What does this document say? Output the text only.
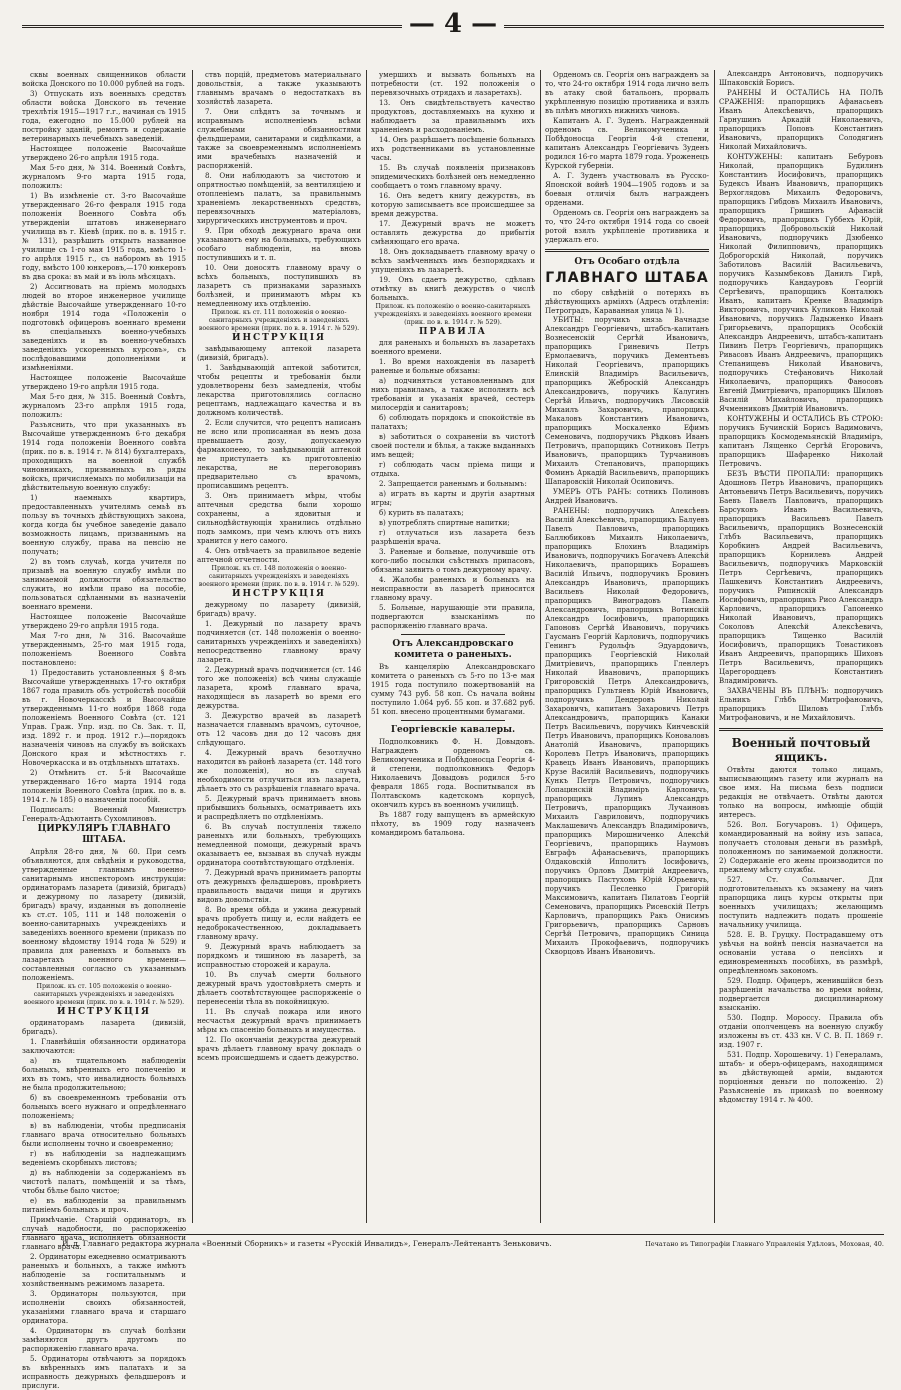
— 4 —

сквы военных священников области войска Донского по 10.000 рублей на годъ.

3) Отпускать изъ военныхъ средствъ области войска Донского въ течение трехлѣтія 1915—1917 г.г., начиная съ 1915 года, ежегодно по 15.000 рублей на постройку зданій, ремонтъ и содержаніе ветеринарныхъ лечебныхъ заведеній.

Настоящее положеніе Высочайше утверждено 26-го апрѣля 1915 года.

Мая 5-го дня, № 314. Военный Совѣтъ, журналомъ 9-го марта 1915 года, положилъ:

1) Въ измѣненіе ст. 3-го Высочайше утвержденнаго 26-го февраля 1915 года положенія Военного Совѣта объ утвержденіи штатовъ инженернаго училища въ г. Кіевѣ (прик. по в. в. 1915 г. № 131), разрѣшить открыть названное училище съ 1-го мая 1915 года, вмѣсто 1-го апрѣля 1915 г., съ наборомъ въ 1915 году, вмѣсто 100 юнкеровъ,—170 юнкеровъ въ два срока: въ май и въ іюль мѣсяцахъ.

2) Ассигновать на прiемъ молодыхъ людей во второе инженерное училище дѣйствіе Высочайше утвержденнаго 10-го ноября 1914 года «Положенія о подготовкѣ офицеровъ военнаго времени въ спеціальныхъ военно-учебныхъ заведеніяхъ и въ военно-учебныхъ заведеніяхъ ускоренныхъ курсовъ», съ послѣдовавшими дополненіями и измѣненіями.

Настоящее положеніе Высочайше утверждено 19-го апрѣля 1915 года.

Мая 5-го дня, № 315. Военный Совѣтъ, журналомъ 23-го апрѣля 1915 года, положилъ:

Разъяснить, что при указанныхъ въ Высочайше утвержденномъ 6-го декабря 1914 года положеніи Военного совѣта (прик. по в. в. 1914 г. № 814) бухгалтерахъ, проходящихъ на военной службѣ чиновникахъ, призванныхъ въ ряды войскъ, причисляемыхъ по мобилизаціи на дѣйствительную военную службу:

1) наемныхъ квартиръ, предоставленныхъ учителямъ семьѣ въ пользу въ точныхъ дѣйствующихъ закона, когда когда бы учебное заведеніе давало возможность лицамъ, призваннымъ на военную службу, права на пенсію не получать;

2) въ томъ случаѣ, когда учителя по призывѣ на военную службу имѣли по занимаемой должности обязательство служить, но имѣли право на пособіе, пользоваться сдѣланными въ назначеніи военнаго времени.

Настоящее положеніе Высочайше утверждено 29-го апрѣля 1915 года.

Мая 7-го дня, № 316. Высочайше утвержденнымъ, 25-го мая 1915 года, положеніемъ Военного Совѣта постановлено:

1) Предоставить установленныя § 8-мъ Высочайше утвержденныхъ 17-го октября 1867 года правилъ объ устройствѣ пособій въ г. Новочеркасскѣ и Высочайше утвержденнымъ 11-го ноября 1868 года положеніемъ Военного Совѣта (ст. 121 Управ. Граж. Упр. изд. по Св. Зак. т. II, изд. 1892 г. и прод. 1912 г.)—порядокъ назначенія чиновъ на службу въ войскахъ Донского края и мѣстностяхъ г. Новочеркасска и въ отдѣльныхъ штатахъ.

2) Отмѣнить ст. 5-й Высочайше утвержденнаго 16-го марта 1914 года положенія Военного Совѣта (прик. по в. в. 1914 г. № 185) о назначеніи пособій.

Подписалъ: Военный Министръ Генералъ-Адъютантъ Сухомлиновъ.

ЦИРКУЛЯРЪ ГЛАВНАГО ШТАБА.

Апрѣля 28-го дня, № 60. При семъ объявляются, для свѣдѣнія и руководства, утвержденные главнымъ военно-санитарнымъ инспекторомъ инструкціи: ординаторамъ лазарета (дивизій, бригадъ) и дежурному по лазарету (дивизій, бригадъ) врачу, изданныя въ дополненіе къ ст.ст. 105, 111 и 148 положенія о военно-санитарныхъ учрежденіяхъ и заведеніяхъ военного времени (приказъ по военному вѣдомству 1914 года № 529) и правила для раненыхъ и больныхъ въ лазаретахъ военного времени—составленныя согласно съ указаннымъ положеніемъ.

Прилож. къ ст. 105 положенія о военно-санитарныхъ учрежденіяхъ и заведеніяхъ военного времени (прик. по в. в. 1914 г. № 529).

ИНСТРУКЦІЯ

ординаторамъ лазарета (дивизій, бригадъ).

1. Главнѣйшія обязанности ординатора заключаются:

а) въ тщательномъ наблюденіи больныхъ, ввѣренныхъ его попеченію и ихъ въ томъ, что инвалидность больныхъ не была продолжительною;

б) въ своевременномъ требованіи отъ больныхъ всего нужнаго и опредѣленнаго положеніемъ;

в) въ наблюденіи, чтобы предписанія главнаго врача относительно больныхъ были исполнены точно и своевременно;

г) въ наблюденіи за надлежащимъ веденіемъ скорбныхъ листовъ;

д) въ наблюденіи за содержаніемъ въ чистотѣ палатъ, помѣщеній и за тѣмъ, чтобы бѣлье было чистое;

е) въ наблюденіи за правильнымъ питаніемъ больныхъ и проч.

Примѣчаніе. Старшій ординаторъ, въ случаѣ надобности, по распоряженію главнаго врача, исполняетъ обязанности главнаго врача.

2. Ординаторы ежедневно осматриваютъ раненыхъ и больныхъ, а также имѣютъ наблюденіе за госпитальнымъ и хозяйственнымъ режимомъ лазарета.

3. Ординаторы пользуются, при исполненіи своихъ обязанностей, указаніями главнаго врача и старшаго ординатора.

4. Ординаторы въ случаѣ болѣзни замѣняются другъ другомъ по распоряженію главнаго врача.

5. Ординаторы отвѣчаютъ за порядокъ въ ввѣренныхъ имъ палатахъ и за исправность дежурныхъ фельдшеровъ и прислуги.

ствъ порцій, предметовъ материальнаго довольствія, а также указываютъ главнымъ врачамъ о недостаткахъ въ хозяйствѣ лазарета.

7. Они слѣдятъ за точнымъ и исправнымъ исполненіемъ всѣми служебными обязанностями фельдшерами, санитарами и сидѣлками, а также за своевременнымъ исполненіемъ ими врачебныхъ назначеній и распоряженій.

8. Они наблюдаютъ за чистотою и опрятностью помѣщеній, за вентиляціею и отопленіемъ палатъ, за правильнымъ храненіемъ лекарственныхъ средствъ, перевязочныхъ матеріаловъ, хирургическихъ инструментовъ и проч.

9. При обходѣ дежурнаго врача они указываютъ ему на больныхъ, требующихъ особаго наблюденія, на вновь поступившихъ и т. п.

10. Они доносятъ главному врачу о всѣхъ больныхъ, поступившихъ въ лазаретъ съ признаками заразныхъ болѣзней, и принимаютъ мѣры къ немедленному ихъ отдѣленію.

Прилож. къ ст. 111 положенія о военно-санитарныхъ учрежденіяхъ и заведеніяхъ военного времени (прик. по в. в. 1914 г. № 529).

ИНСТРУКЦІЯ

завѣдывающему аптекой лазарета (дивизій, бригадъ).

1. Завѣдывающій аптекой заботится, чтобы рецепты и требованія были удовлетворены безъ замедленія, чтобы лекарства приготовлялись согласно рецептамъ, надлежащаго качества и въ должномъ количествѣ.

2. Если случится, что рецептъ написанъ не ясно или прописанная въ немъ доза превышаетъ дозу, допускаемую фармакопеею, то завѣдывающій аптекой не приступаетъ къ приготовленію лекарства, не переговоривъ предварительно съ врачомъ, прописавшимъ рецептъ.

3. Онъ принимаетъ мѣры, чтобы аптечныя средства были хорошо сохранены, а ядовитыя и сильнодѣйствующія хранились отдѣльно подъ замкомъ, при чемъ ключъ отъ нихъ хранится у него самого.

4. Онъ отвѣчаетъ за правильное веденіе аптечной отчетности.

Прилож. къ ст. 148 положенія о военно-санитарныхъ учрежденіяхъ и заведеніяхъ военного времени (прик. по в. в. 1914 г. № 529).

ИНСТРУКЦІЯ

дежурному по лазарету (дивизій, бригадъ) врачу.

1. Дежурный по лазарету врачъ подчиняется (ст. 148 положенія о военно-санитарныхъ учрежденіяхъ и заведеніяхъ) непосредственно главному врачу лазарета.

2. Дежурный врачъ подчиняется (ст. 146 того же положенія) всѣ чины служащіе лазарета, кромѣ главнаго врача, находящіеся въ лазаретѣ во время его дежурства.

3. Дежурство врачей въ лазаретѣ назначается главнымъ врачомъ, суточное, отъ 12 часовъ дня до 12 часовъ дня слѣдующаго.

4. Дежурный врачъ безотлучно находится въ районѣ лазарета (ст. 148 того же положенія), но въ случаѣ необходимости отлучиться изъ лазарета, дѣлаетъ это съ разрѣшенія главнаго врача.

5. Дежурный врачъ принимаетъ вновь прибывшихъ больныхъ, осматриваетъ ихъ и распредѣляетъ по отдѣленіямъ.

6. Въ случаѣ поступленія тяжело раненыхъ или больныхъ, требующихъ немедленной помощи, дежурный врачъ оказываетъ ее, вызывая въ случаѣ нужды ординатора соотвѣтствующаго отдѣленія.

7. Дежурный врачъ принимаетъ рапорты отъ дежурныхъ фельдшеровъ, провѣряетъ правильность выдачи пищи и другихъ видовъ довольствія.

8. Во время обѣда и ужина дежурный врачъ пробуетъ пищу и, если найдетъ ее недоброкачественною, докладываетъ главному врачу.

9. Дежурный врачъ наблюдаетъ за порядкомъ и тишиною въ лазаретѣ, за исправностью сторожей и караула.

10. Въ случаѣ смерти больного дежурный врачъ удостовѣряетъ смерть и дѣлаетъ соотвѣтствующее распоряженіе о перенесеніи тѣла въ покойницкую.

11. Въ случаѣ пожара или иного несчастья дежурный врачъ принимаетъ мѣры къ спасенію больныхъ и имущества.

12. По окончаніи дежурства дежурный врачъ дѣлаетъ главному врачу докладъ о всемъ происшедшемъ и сдаетъ дежурство.

умершихъ и вызвать больныхъ на потребности (ст. 192 положенія о перевязочныхъ отрядахъ и лазаретахъ).

13. Онъ свидѣтельствуетъ качество продуктовъ, доставляемыхъ на кухню и наблюдаетъ за правильнымъ ихъ храненіемъ и расходованіемъ.

14. Онъ разрѣшаетъ посѣщеніе больныхъ ихъ родственниками въ установленные часы.

15. Въ случаѣ появленія признаковъ эпидемическихъ болѣзней онъ немедленно сообщаетъ о томъ главному врачу.

16. Онъ ведетъ книгу дежурствъ, въ которую записываетъ все происшедшее за время дежурства.

17. Дежурный врачъ не можетъ оставлять дежурства до прибытія смѣняющаго его врача.

18. Онъ докладываетъ главному врачу о всѣхъ замѣченныхъ имъ безпорядкахъ и упущеніяхъ въ лазаретѣ.

19. Онъ сдаетъ дежурство, сдѣлавъ отмѣтку въ книгѣ дежурствъ о числѣ больныхъ.

Прилож. къ положенію о военно-санитарныхъ учрежденіяхъ и заведеніяхъ военного времени (прик. по в. в. 1914 г. № 529).

ПРАВИЛА

для раненыхъ и больныхъ въ лазаретахъ военного времени.

1. Во время нахожденія въ лазаретѣ раненые и больные обязаны:

а) подчиняться установленнымъ для нихъ правиламъ, а также исполнять всѣ требованія и указанія врачей, сестеръ милосердія и санитаровъ;

б) соблюдать порядокъ и спокойствіе въ палатахъ;

в) заботиться о сохраненіи въ чистотѣ своей постели и бѣлья, а также выданныхъ имъ вещей;

г) соблюдать часы пріема пищи и отдыха.

2. Запрещается раненымъ и больнымъ:

а) играть въ карты и другія азартныя игры;

б) курить въ палатахъ;

в) употреблять спиртные напитки;

г) отлучаться изъ лазарета безъ разрѣшенія врача.

3. Раненые и больные, получившіе отъ кого-либо посылки съѣстныхъ припасовъ, обязаны заявить о томъ дежурному врачу.

4. Жалобы раненыхъ и больныхъ на неисправности въ лазаретѣ приносятся главному врачу.

5. Больные, нарушающіе эти правила, подвергаются взысканіямъ по распоряженію главнаго врача.

Отъ Александровскаго комитета о раненыхъ.

Въ канцелярію Александровскаго комитета о раненыхъ съ 5-го по 13-е мая 1915 года поступило пожертвованій на сумму 743 руб. 58 коп. Съ начала войны поступило 1.064 руб. 55 коп. и 37.682 руб. 51 коп. внесено процентными бумагами.

Георгіевскіе кавалеры.

Подполковникъ Ф. Н. Довыдовъ. Награжденъ орденомъ св. Великомученика и Побѣдоносца Георгія 4-й степени, подполковникъ Федоръ Николаевичъ Довыдовъ родился 5-го февраля 1865 года. Воспитывался въ Полтавскомъ кадетскомъ корпусѣ, окончилъ курсъ въ военномъ училищѣ.

Въ 1887 году выпущенъ въ армейскую пѣхоту, въ 1909 году назначенъ командиромъ батальона.

Орденомъ св. Георгія онъ награжденъ за то, что 24-го октября 1914 года лично велъ въ атаку свой батальонъ, прорвалъ укрѣпленную позицію противника и взялъ въ плѣнъ многихъ нижнихъ чиновъ.

Капитанъ А. Г. Зуденъ. Награжденный орденомъ св. Великомученика и Побѣдоносца Георгія 4-й степени, капитанъ Александръ Георгіевичъ Зуденъ родился 16-го марта 1879 года. Уроженецъ Курской губерніи.

А. Г. Зуденъ участвовалъ въ Русско-Японской войнѣ 1904—1905 годовъ и за боевыя отличія былъ награжденъ орденами.

Орденомъ св. Георгія онъ награжденъ за то, что 24-го октября 1914 года со своей ротой взялъ укрѣпленіе противника и удержалъ его.

Отъ Особаго отдѣла

ГЛАВНАГО ШТАБА

по сбору свѣдѣній о потеряхъ въ дѣйствующихъ арміяхъ (Адресъ отдѣленія: Петроградъ, Караванная улица № 1).

УБИТЫ: поручикъ князь Вачнадзе Александръ Георгіевичъ, штабсъ-капитанъ Вознесенскій Сергѣй Ивановичъ, прапорщикъ Гриневичъ Петръ Ермолаевичъ, поручикъ Дементьевъ Николай Георгіевичъ, прапорщикъ Елинскій Владиміръ Васильевичъ, прапорщикъ Жеброскій Александръ Александровичъ, поручикъ Калугинъ Сергѣй Ильичъ, подпоручикъ Лисовскій Михаилъ Захаровичъ, прапорщикъ Макаловъ Константинъ Ивановичъ, прапорщикъ Москаленко Ефимъ Семеновичъ, подпоручикъ Рѣдковъ Иванъ Петровичъ, прапорщикъ Сотниковъ Петръ Ивановичъ, прапорщикъ Турчаниновъ Михаилъ Степановичъ, прапорщикъ Фоминъ Аркадій Васильевичъ, прапорщикъ Шапаровскій Николай Осиповичъ.

УМЕРЪ ОТЪ РАНЪ: сотникъ Полиновъ Андрей Ивановичъ.

РАНЕНЫ: подпоручикъ Алексѣевъ Василій Алексѣевичъ, прапорщикъ Балуевъ Павелъ Павловичъ, прапорщикъ Баллюбиковъ Михаилъ Николаевичъ, прапорщикъ Блохинъ Владиміръ Ивановичъ, подпоручикъ Богачевъ Алексѣй Николаевичъ, прапорщикъ Борашевъ Василій Ильичъ, подпоручикъ Бровинъ Александръ Ивановичъ, прапорщикъ Васильевъ Николай Федоровичъ, прапорщикъ Виноградовъ Павелъ Александровичъ, прапорщикъ Вотинскій Александръ Іосифовичъ, прапорщикъ Гапоновъ Сергѣй Ивановичъ, поручикъ Гаусманъ Георгій Карловичъ, подпоручикъ Генингъ Рудольфъ Эдуардовичъ, прапорщикъ Георгіевскій Николай Дмитріевичъ, прапорщикъ Гленлеръ Николай Ивановичъ, прапорщикъ Григоровскій Петръ Александровичъ, прапорщикъ Гультяевъ Юрій Ивановичъ, подпоручикъ Дендеровъ Николай Захаровичъ, капитанъ Захаровичъ Петръ Александровичъ, прапорщикъ Канаки Петръ Васильевичъ, поручикъ Кинчевскій Петръ Ивановичъ, прапорщикъ Коноваловъ Анатолій Ивановичъ, прапорщикъ Королевъ Петръ Ивановичъ, прапорщикъ Кравецъ Иванъ Ивановичъ, прапорщикъ Крузе Василій Васильевичъ, подпоручикъ Кункъ Петръ Петровичъ, подпоручикъ Лопацинскій Владиміръ Карловичъ, прапорщикъ Лупинъ Александръ Петровичъ, прапорщикъ Лучаиновъ Михаилъ Гавриловичъ, подпоручикъ Маклашевичъ Александръ Владиміровичъ, прапорщикъ Мирошниченко Алексѣй Георгіевичъ, прапорщикъ Наумовъ Евграфъ Афанасьевичъ, прапорщикъ Олдаковскій Ипполитъ Іосифовичъ, поручикъ Орловъ Дмитрій Андреевичъ, прапорщикъ Пастуховъ Юрій Юрьевичъ, поручикъ Песленко Григорій Максимовичъ, капитанъ Пилатовъ Георгій Семеновичъ, прапорщикъ Рисевскій Петръ Карловичъ, прапорщикъ Ракъ Онисимъ Григорьевичъ, прапорщикъ Сарновъ Сергѣй Петровичъ, прапорщикъ Синица Михаилъ Прокофьевичъ, подпоручикъ Скворцовъ Иванъ Ивановичъ.

Александръ Антоновичъ, подпоручикъ Шпаковскій Борисъ.

РАНЕНЫ И ОСТАЛИСЬ НА ПОЛѢ СРАЖЕНІЯ: прапорщикъ Афанасьевъ Иванъ Алексѣевичъ, прапорщикъ Гарнушинъ Аркадій Николаевичъ, прапорщикъ Поповъ Константинъ Ивановичъ, прапорщикъ Солодягинъ Николай Михайловичъ.

КОНТУЖЕНЫ: капитанъ Бебуровъ Николай, прапорщикъ Будилинъ Константинъ Иосифовичъ, прапорщикъ Будексъ Иванъ Ивановичъ, прапорщикъ Верхоглядовъ Михаилъ Федоровичъ, прапорщикъ Гибдовъ Михаилъ Ивановичъ, прапорщикъ Гришинъ Афанасій Федоровичъ, прапорщикъ Губбехъ Юрій, прапорщикъ Добровольскій Николай Ивановичъ, подпоручикъ Дзюбенко Николай Филипповичъ, прапорщикъ Доброгорскій Николай, поручикъ Заботиловъ Василій Васильевичъ, поручикъ Казымбековъ Данилъ Гирѣ, подпоручикъ Кандауровъ Георгій Сергѣевичъ, прапорщикъ Конталюкъ Иванъ, капитанъ Кренке Владиміръ Викторовичъ, поручикъ Куликовъ Николай Ивановичъ, поручикъ Ладыженко Иванъ Григорьевичъ, прапорщикъ Особскій Александръ Андреевичъ, штабсъ-капитанъ Пивинъ Петръ Георгіевичъ, прапорщикъ Ривасовъ Иванъ Андреевичъ, прапорщикъ Степанищевъ Николай Ивановичъ, подпоручикъ Стефановичъ Николай Николаевичъ, прапорщикъ Фаносовъ Евгеній Дмитріевичъ, прапорщикъ Шиловъ Василій Михайловичъ, прапорщикъ Ячменниковъ Дмитрій Ивановичъ.

КОНТУЖЕНЫ И ОСТАЛИСЬ ВЪ СТРОЮ: поручикъ Бучинскій Борисъ Вадимовичъ, прапорщикъ Космодемьянскій Владиміръ, капитанъ Лященко Сергѣй Егоровичъ, прапорщикъ Шафаренко Николай Петровичъ.

БЕЗЪ ВѢСТИ ПРОПАЛИ: прапорщикъ Адошновъ Петръ Ивановичъ, прапорщикъ Антоньевичъ Петръ Васильевичъ, поручикъ Баевъ Павелъ Павловичъ, прапорщикъ Барсуковъ Иванъ Васильевичъ, прапорщикъ Васильевъ Павелъ Васильевичъ, прапорщикъ Вознесенскій Глѣбъ Васильевичъ, прапорщикъ Коробкинъ Андрей Васильевичъ, прапорщикъ Корнилевъ Андрей Васильевичъ, подпоручикъ Марковскій Петръ Сергѣевичъ, прапорщикъ Пашкевичъ Константинъ Андреевичъ, поручикъ Рипинскій Александръ Иосифовичъ, прапорщикъ Рисо Александръ Карловичъ, прапорщикъ Гапоненко Николай Ивановичъ, прапорщикъ Соколовъ Алексѣй Алексѣевичъ, прапорщикъ Тищенко Василій Иосифовичъ, прапорщикъ Тонастиковъ Иванъ Андреевичъ, прапорщикъ Шиховъ Петръ Васильевичъ, прапорщикъ Царегородцевъ Константинъ Владиміровичъ.

ЗАХВАЧЕНЫ ВЪ ПЛѢНЪ: подпоручикъ Ельникъ Глѣбъ Митрофановичъ, прапорщикъ Шиловъ Глѣбъ Митрофановичъ, и не Михайловичъ.

Военный почтовый ящикъ.

Отвѣты даются только лицамъ, выписывающимъ газету или журналъ на свое имя. На письма безъ подписи редакція не отвѣчаетъ. Отвѣты даются только на вопросы, имѣющіе общій интересъ.

526. Вол. Богучаровъ. 1) Офицеръ, командированный на войну изъ запаса, получаетъ столовыя деньги въ размѣрѣ, положенномъ по занимаемой должности. 2) Содержаніе его жены производится по прежнему мѣсту службы.

527. Ст. Сольвычег. Для подготовительныхъ къ экзамену на чинъ прапорщика лицъ курсы открыты при военныхъ училищахъ; желающимъ поступить надлежитъ подать прошеніе начальнику училища.

528. Е. В. Груцку. Пострадавшему отъ увѣчья на войнѣ пенсія назначается на основаніи устава о пенсіяхъ и единовременныхъ пособіяхъ, въ размѣрѣ, опредѣленномъ закономъ.

529. Подпр. Офицеръ, женившійся безъ разрѣшенія начальства во время войны, подвергается дисциплинарному взысканію.

530. Подпр. Мороссу. Правила объ отданіи ополченцевъ на военную службу изложены въ ст. 433 кн. V С. В. П. 1869 г. изд. 1907 г.

531. Подпр. Хорошевичу. 1) Генераламъ, штабъ- и оберъ-офицерамъ, находящимся въ дѣйствующей арміи, выдаются порціонныя деньги по положенію. 2) Разъясненіе въ приказѣ по военному вѣдомству 1914 г. № 400.

И. д. Главнаго редактора журнала «Военный Сборникъ» и газеты «Русскій Инвалидъ», Генералъ-Лейтенантъ Зеньковичъ.	Печатано въ Типографіи Главнаго Управленія Удѣловъ, Моховая, 40.
